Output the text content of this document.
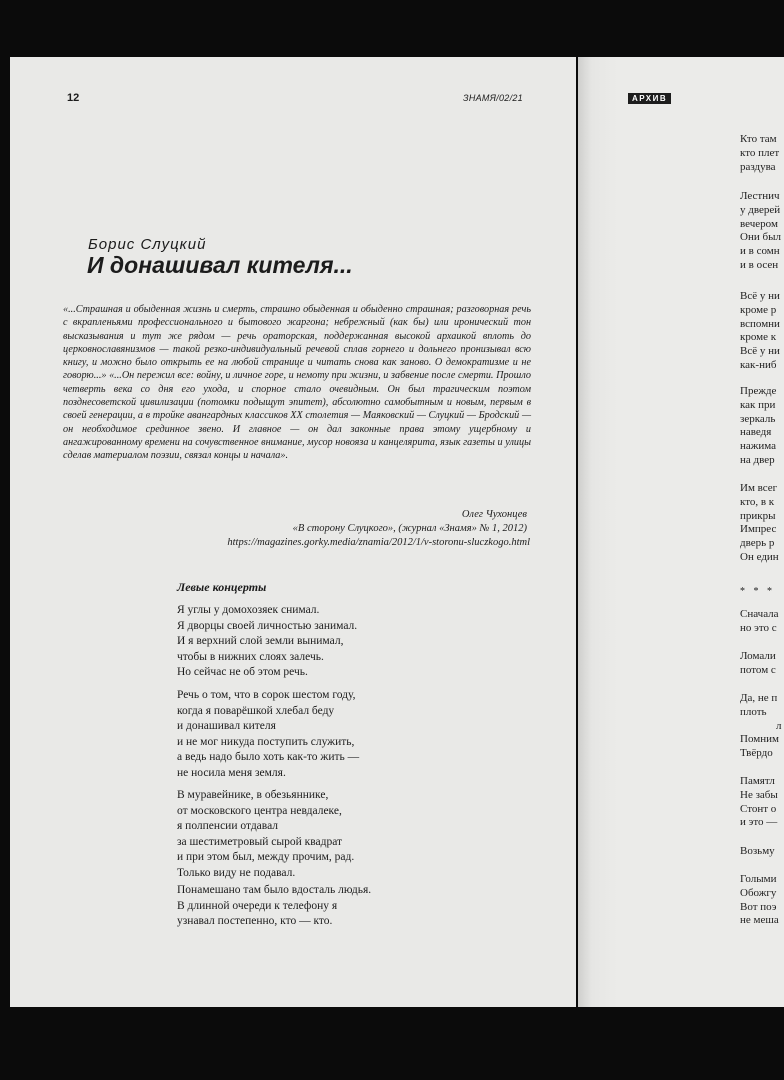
12	ЗНАМЯ/02/21
Борис Слуцкий
И донашивал кителя...

«...Страшная и обыденная жизнь и смерть, страшно обыденная и обыденно страшная; разговорная речь с вкрапленьями профессионального и бытового жаргона; небрежный (как бы) или иронический тон высказывания и тут же рядом — речь ораторская, поддержанная высокой архаикой вплоть до церковнославянизмов — такой резко-индивидуальный речевой сплав горнего и дольнего пронизывал всю книгу, и можно было открыть ее на любой странице и читать снова как заново. О демократизме и не говорю...» «...Он пережил все: войну, и личное горе, и немоту при жизни, и забвение после смерти. Прошло четверть века со дня его ухода, и спорное стало очевидным. Он был трагическим поэтом позднесоветской цивилизации (потомки подыщут эпитет), абсолютно самобытным и новым, первым в своей генерации, а в тройке авангардных классиков XX столетия — Маяковский — Слуцкий — Бродский — он необходимое срединное звено. И главное — он дал законные права этому ущербному и ангажированному времени на сочувственное внимание, мусор новояза и канцелярита, язык газеты и улицы сделав материалом поэзии, связал концы и начала».

Олег Чухонцев
«В сторону Слуцкого», (журнал «Знамя» № 1, 2012)
https://magazines.gorky.media/znamia/2012/1/v-storonu-sluczkogo.html
Левые концерты
Я углы у домохозяек снимал.
Я дворцы своей личностью занимал.
И я верхний слой земли вынимал,
чтобы в нижних слоях залечь.
Но сейчас не об этом речь.
Речь о том, что в сорок шестом году,
когда я поварёшкой хлебал беду
и донашивал кителя
и не мог никуда поступить служить,
а ведь надо было хоть как-то жить —
не носила меня земля.
В муравейнике, в обезьяннике,
от московского центра невдалеке,
я полпенсии отдавал
за шестиметровый сырой квадрат
и при этом был, между прочим, рад.
Только виду не подавал.
Понамешано там было вдосталь людья.
В длинной очереди к телефону я
узнавал постепенно, кто — кто.
АРХИВ
Кто там
кто плет
раздува
Лестнич
у дверей
вечером
Они был
и в сомн
и в осен
Всё у ни
кроме р
вспомни
кроме к
Всё у ни
как-ниб
Прежде
как при
зеркаль
наведя
нажима
на двер
Им всег
кто, в к
прикры
Импрес
дверь р
Он един
* * *
Сначала
но это с
Ломали
потом с
Да, не п
плоть
л
Помним
Твёрдо
Памятл
Не забы
Стонт о
и это —
Возьму
Голыми
Обожгу
Вот поэ
не меша
